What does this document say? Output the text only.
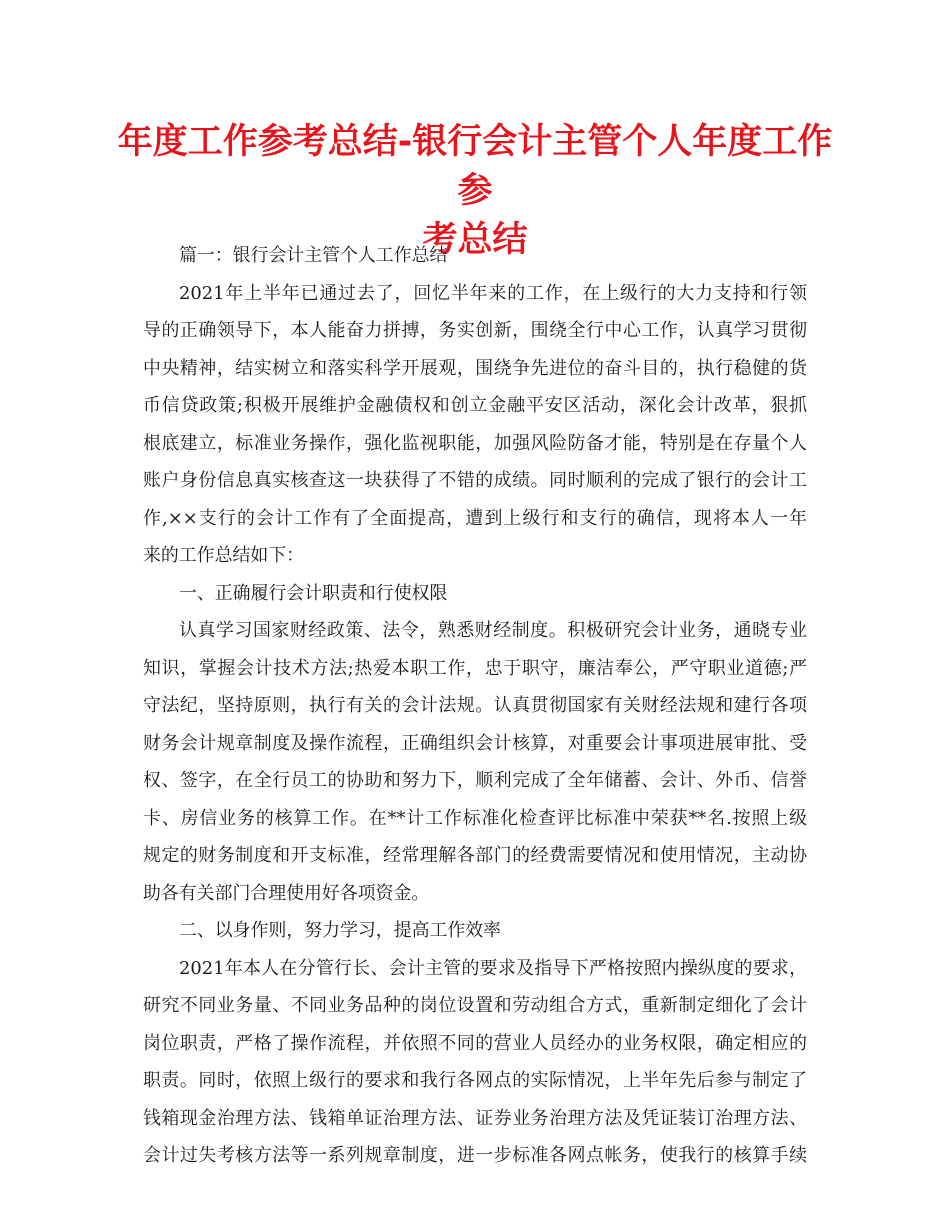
年度工作参考总结-银行会计主管个人年度工作参
考总结
篇一：银行会计主管个人工作总结
2021年上半年已通过去了，回忆半年来的工作，在上级行的大力支持和行领
导的正确领导下，本人能奋力拼搏，务实创新，围绕全行中心工作，认真学习贯彻
中央精神，结实树立和落实科学开展观，围绕争先进位的奋斗目的，执行稳健的货
币信贷政策;积极开展维护金融债权和创立金融平安区活动，深化会计改革，狠抓
根底建立，标准业务操作，强化监视职能，加强风险防备才能，特别是在存量个人
账户身份信息真实核查这一块获得了不错的成绩。同时顺利的完成了银行的会计工
作,××支行的会计工作有了全面提高，遭到上级行和支行的确信，现将本人一年
来的工作总结如下：
一、正确履行会计职责和行使权限
认真学习国家财经政策、法令，熟悉财经制度。积极研究会计业务，通晓专业
知识，掌握会计技术方法;热爱本职工作，忠于职守，廉洁奉公，严守职业道德;严
守法纪，坚持原则，执行有关的会计法规。认真贯彻国家有关财经法规和建行各项
财务会计规章制度及操作流程，正确组织会计核算，对重要会计事项进展审批、受
权、签字，在全行员工的协助和努力下，顺利完成了全年储蓄、会计、外币、信誉
卡、房信业务的核算工作。在**计工作标准化检查评比标准中荣获**名.按照上级
规定的财务制度和开支标准，经常理解各部门的经费需要情况和使用情况，主动协
助各有关部门合理使用好各项资金。
二、以身作则，努力学习，提高工作效率
2021年本人在分管行长、会计主管的要求及指导下严格按照内操纵度的要求，
研究不同业务量、不同业务品种的岗位设置和劳动组合方式，重新制定细化了会计
岗位职责，严格了操作流程，并依照不同的营业人员经办的业务权限，确定相应的
职责。同时，依照上级行的要求和我行各网点的实际情况，上半年先后参与制定了
钱箱现金治理方法、钱箱单证治理方法、证券业务治理方法及凭证装订治理方法、
会计过失考核方法等一系列规章制度，进一步标准各网点帐务，使我行的核算手续
